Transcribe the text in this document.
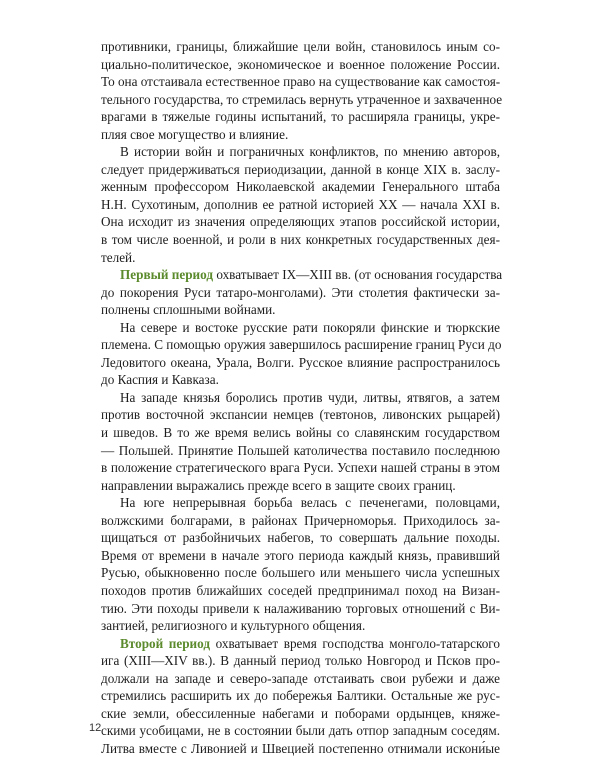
противники, границы, ближайшие цели войн, становилось иным со-
циально-политическое, экономическое и военное положение России.
То она отстаивала естественное право на существование как самостоя-
тельного государства, то стремилась вернуть утраченное и захваченное
врагами в тяжелые годины испытаний, то расширяла границы, укре-
пляя свое могущество и влияние.

В истории войн и пограничных конфликтов, по мнению авторов,
следует придерживаться периодизации, данной в конце XIX в. заслу-
женным профессором Николаевской академии Генерального штаба
Н.Н. Сухотиным, дополнив ее ратной историей XX — начала XXI в.
Она исходит из значения определяющих этапов российской истории,
в том числе военной, и роли в них конкретных государственных дея-
телей.

Первый период охватывает IX—XIII вв. (от основания государства
до покорения Руси татаро-монголами). Эти столетия фактически за-
полнены сплошными войнами.

На севере и востоке русские рати покоряли финские и тюркские
племена. С помощью оружия завершилось расширение границ Руси до
Ледовитого океана, Урала, Волги. Русское влияние распространилось
до Каспия и Кавказа.

На западе князья боролись против чуди, литвы, ятвягов, а затем
против восточной экспансии немцев (тевтонов, ливонских рыцарей)
и шведов. В то же время велись войны со славянским государством
— Польшей. Принятие Польшей католичества поставило последнюю
в положение стратегического врага Руси. Успехи нашей страны в этом
направлении выражались прежде всего в защите своих границ.

На юге непрерывная борьба велась с печенегами, половцами,
волжскими болгарами, в районах Причерноморья. Приходилось за-
щищаться от разбойничьих набегов, то совершать дальние походы.
Время от времени в начале этого периода каждый князь, правивший
Русью, обыкновенно после большего или меньшего числа успешных
походов против ближайших соседей предпринимал поход на Визан-
тию. Эти походы привели к налаживанию торговых отношений с Ви-
зантией, религиозного и культурного общения.

Второй период охватывает время господства монголо-татарского
ига (XIII—XIV вв.). В данный период только Новгород и Псков про-
должали на западе и северо-западе отстаивать свои рубежи и даже
стремились расширить их до побережья Балтики. Остальные же рус-
ские земли, обессиленные набегами и поборами ордынцев, княже-
скими усобицами, не в состоянии были дать отпор западным соседям.
Литва вместе с Ливонией и Швецией постепенно отнимали искони́ые

12
